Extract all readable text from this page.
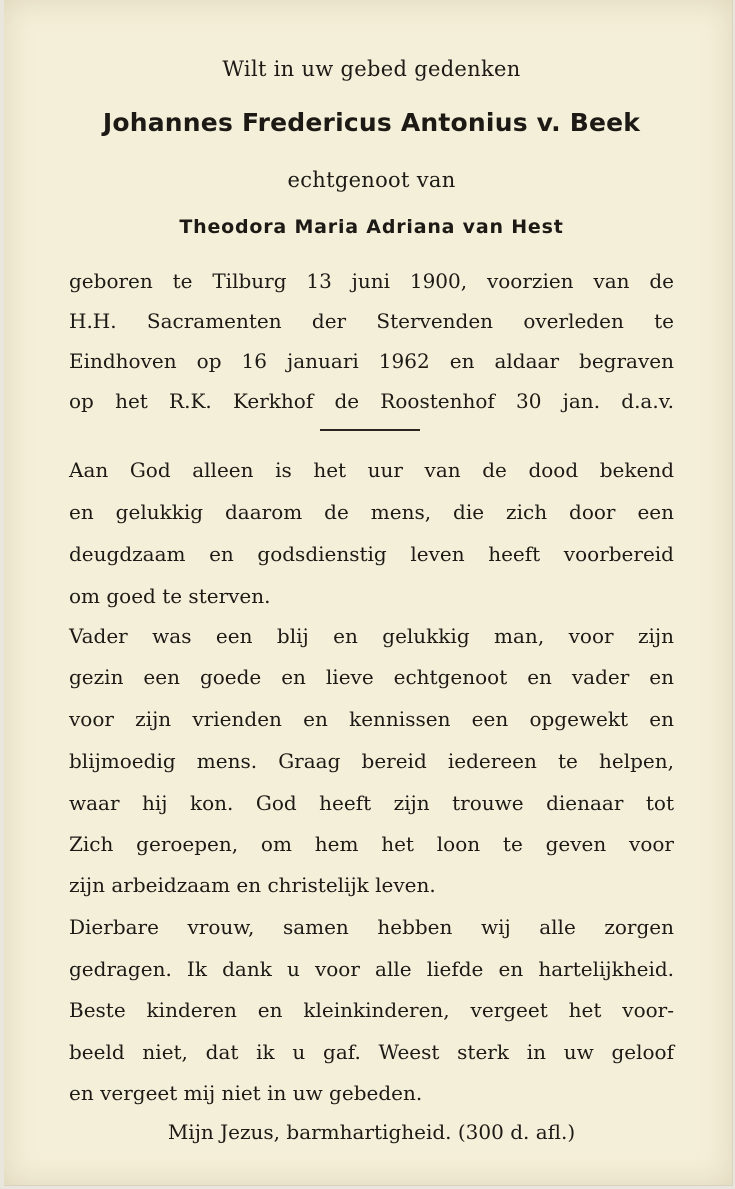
Wilt in uw gebed gedenken

Johannes Fredericus Antonius v. Beek

echtgenoot van

Theodora Maria Adriana van Hest

geboren te Tilburg 13 juni 1900, voorzien van de
H.H. Sacramenten der Stervenden overleden te
Eindhoven op 16 januari 1962 en aldaar begraven
op het R.K. Kerkhof de Roostenhof 30 jan. d.a.v.
Aan God alleen is het uur van de dood bekend
en gelukkig daarom de mens, die zich door een
deugdzaam en godsdienstig leven heeft voorbereid
om goed te sterven.
Vader was een blij en gelukkig man, voor zijn
gezin een goede en lieve echtgenoot en vader en
voor zijn vrienden en kennissen een opgewekt en
blijmoedig mens. Graag bereid iedereen te helpen,
waar hij kon. God heeft zijn trouwe dienaar tot
Zich geroepen, om hem het loon te geven voor
zijn arbeidzaam en christelijk leven.
Dierbare vrouw, samen hebben wij alle zorgen
gedragen. Ik dank u voor alle liefde en hartelijkheid.
Beste kinderen en kleinkinderen, vergeet het voor-
beeld niet, dat ik u gaf. Weest sterk in uw geloof
en vergeet mij niet in uw gebeden.
Mijn Jezus, barmhartigheid. (300 d. afl.)
